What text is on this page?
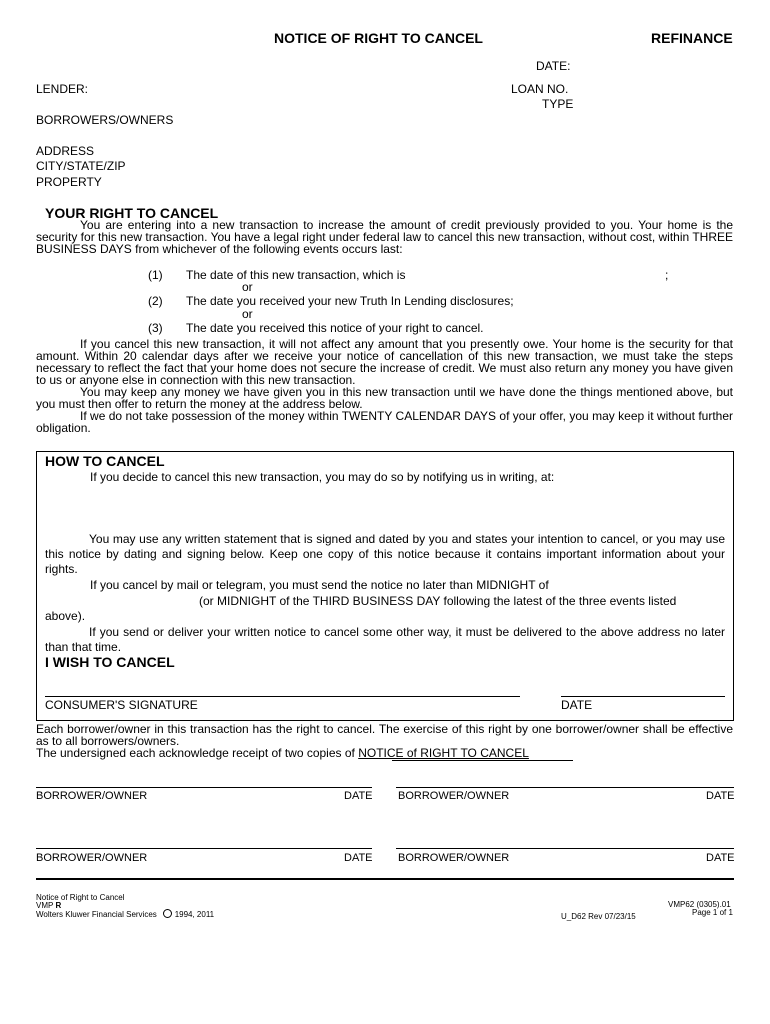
NOTICE OF RIGHT TO CANCEL	REFINANCE
DATE:
LENDER:	LOAN NO.
TYPE
BORROWERS/OWNERS
ADDRESS
CITY/STATE/ZIP
PROPERTY
YOUR RIGHT TO CANCEL

You are entering into a new transaction to increase the amount of credit previously provided to you. Your home is the security for this new transaction. You have a legal right under federal law to cancel this new transaction, without cost, within THREE BUSINESS DAYS from whichever of the following events occurs last:

(1) The date of this new transaction, which is	;
or
(2) The date you received your new Truth In Lending disclosures;
or
(3) The date you received this notice of your right to cancel.

If you cancel this new transaction, it will not affect any amount that you presently owe. Your home is the security for that amount. Within 20 calendar days after we receive your notice of cancellation of this new transaction, we must take the steps necessary to reflect the fact that your home does not secure the increase of credit. We must also return any money you have given to us or anyone else in connection with this new transaction.

You may keep any money we have given you in this new transaction until we have done the things mentioned above, but you must then offer to return the money at the address below.

If we do not take possession of the money within TWENTY CALENDAR DAYS of your offer, you may keep it without further obligation.

HOW TO CANCEL
If you decide to cancel this new transaction, you may do so by notifying us in writing, at:

You may use any written statement that is signed and dated by you and states your intention to cancel, or you may use this notice by dating and signing below. Keep one copy of this notice because it contains important information about your rights.

If you cancel by mail or telegram, you must send the notice no later than MIDNIGHT of
(or MIDNIGHT of the THIRD BUSINESS DAY following the latest of the three events listed
above).

If you send or deliver your written notice to cancel some other way, it must be delivered to the above address no later than that time.

I WISH TO CANCEL
CONSUMER'S SIGNATURE	DATE

Each borrower/owner in this transaction has the right to cancel. The exercise of this right by one borrower/owner shall be effective as to all borrowers/owners.

The undersigned each acknowledge receipt of two copies of NOTICE of RIGHT TO CANCEL
BORROWER/OWNER	DATE BORROWER/OWNER	DATE
BORROWER/OWNER	DATE BORROWER/OWNER	DATE
Notice of Right to Cancel
VMP R
Wolters Kluwer Financial Services 1994, 2011	U_D62 Rev 07/23/15
VMP62 (0305).01
Page 1 of 1
